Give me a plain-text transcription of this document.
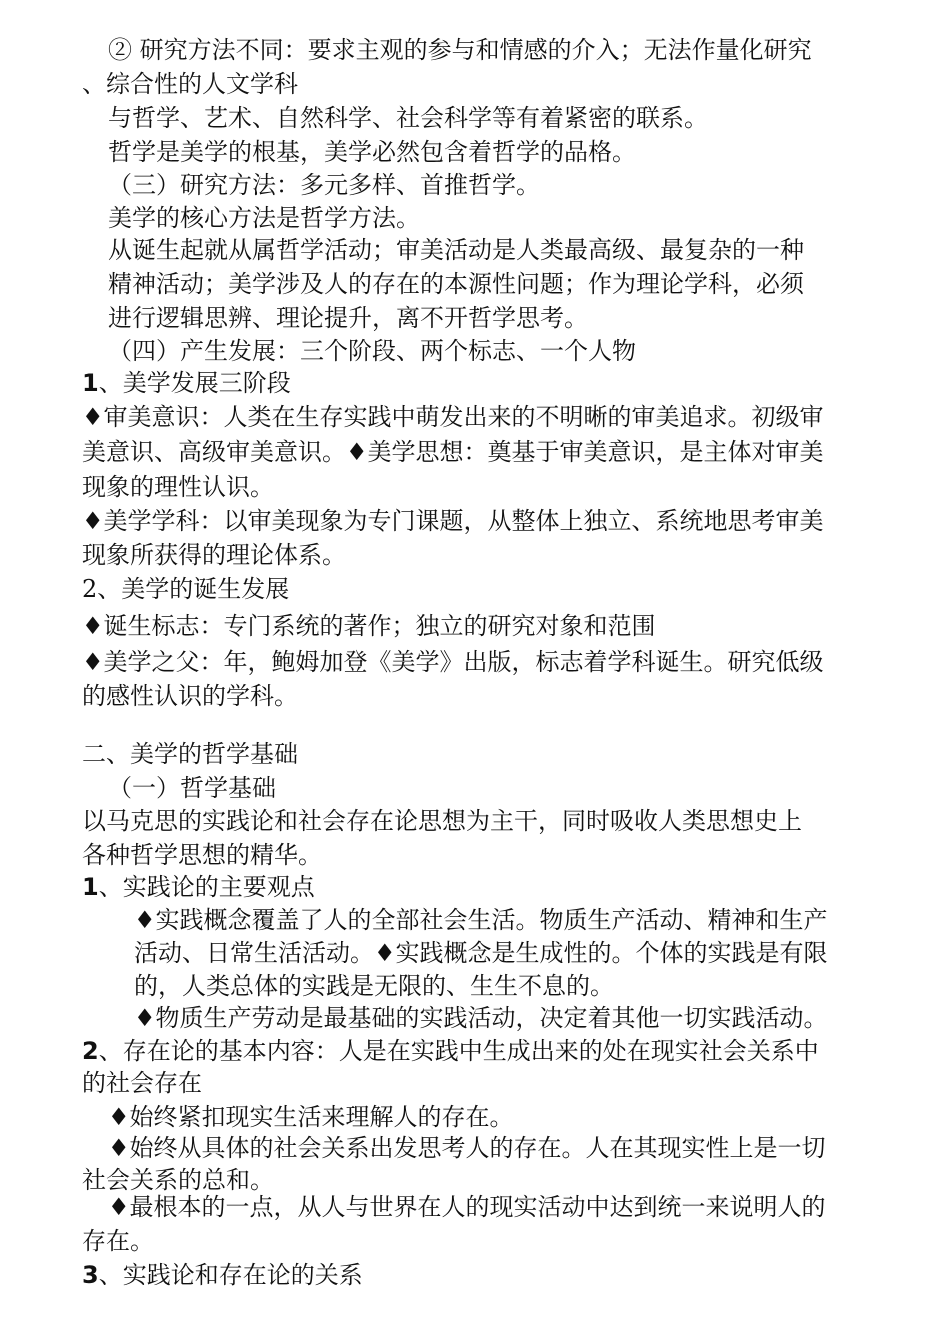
② 研究方法不同：要求主观的参与和情感的介入；无法作量化研究
、综合性的人文学科
与哲学、艺术、自然科学、社会科学等有着紧密的联系。
哲学是美学的根基，美学必然包含着哲学的品格。
（三）研究方法：多元多样、首推哲学。
美学的核心方法是哲学方法。
从诞生起就从属哲学活动；审美活动是人类最高级、最复杂的一种
精神活动；美学涉及人的存在的本源性问题；作为理论学科，必须
进行逻辑思辨、理论提升，离不开哲学思考。
（四）产生发展：三个阶段、两个标志、一个人物
1、美学发展三阶段
♦审美意识：人类在生存实践中萌发出来的不明晰的审美追求。初级审
美意识、高级审美意识。♦美学思想：奠基于审美意识，是主体对审美
现象的理性认识。
♦美学学科：以审美现象为专门课题，从整体上独立、系统地思考审美
现象所获得的理论体系。
2、美学的诞生发展
♦诞生标志：专门系统的著作；独立的研究对象和范围
♦美学之父：年，鲍姆加登《美学》出版，标志着学科诞生。研究低级
的感性认识的学科。
二、美学的哲学基础
（一）哲学基础
以马克思的实践论和社会存在论思想为主干，同时吸收人类思想史上
各种哲学思想的精华。
1、实践论的主要观点
♦实践概念覆盖了人的全部社会生活。物质生产活动、精神和生产
活动、日常生活活动。♦实践概念是生成性的。个体的实践是有限
的，人类总体的实践是无限的、生生不息的。
♦物质生产劳动是最基础的实践活动，决定着其他一切实践活动。
2、存在论的基本内容：人是在实践中生成出来的处在现实社会关系中
的社会存在
♦始终紧扣现实生活来理解人的存在。
♦始终从具体的社会关系出发思考人的存在。人在其现实性上是一切
社会关系的总和。
♦最根本的一点，从人与世界在人的现实活动中达到统一来说明人的
存在。
3、实践论和存在论的关系
